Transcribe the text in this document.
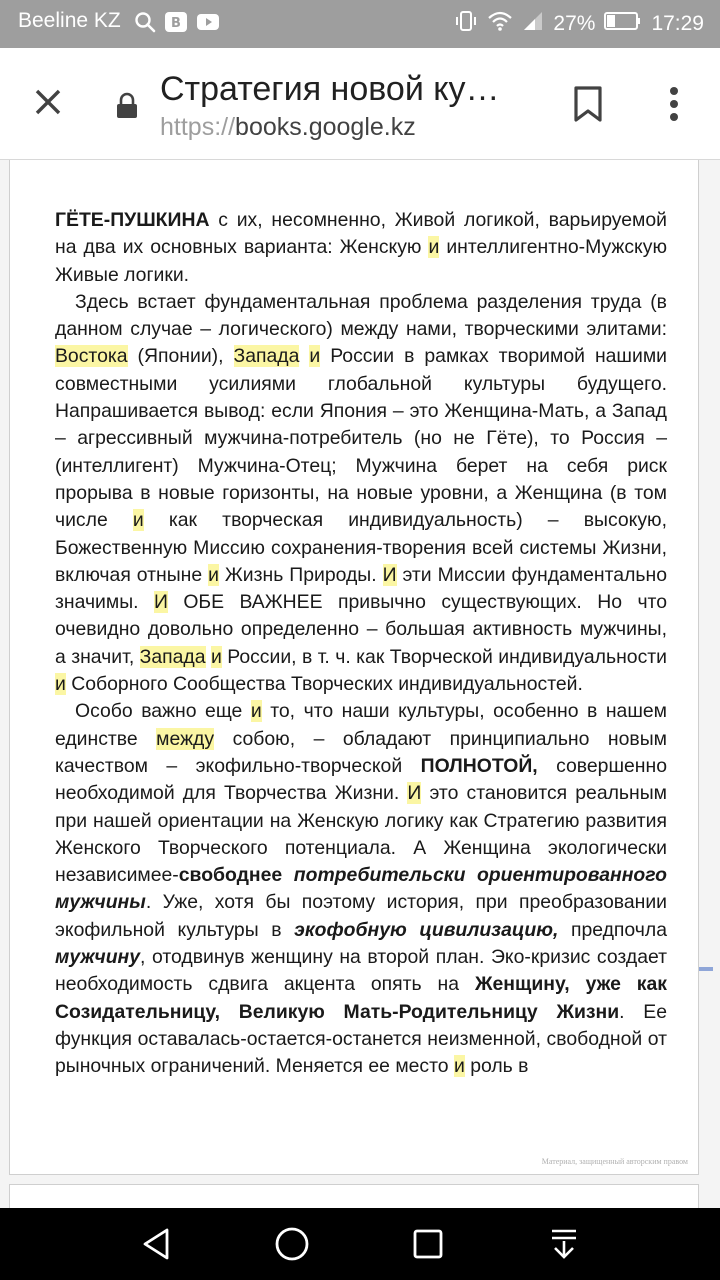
Beeline KZ	В	27%	17:29
Стратегия новой ку…
https://books.google.kz

ГЁТЕ-ПУШКИНА с их, несомненно, Живой логикой, варьируемой на два их основных варианта: Женскую и интеллигентно-Мужскую Живые логики.

Здесь встает фундаментальная проблема разделения труда (в данном случае – логического) между нами, творческими элитами: Востока (Японии), Запада и России в рамках творимой нашими совместными усилиями глобальной культуры будущего. Напрашивается вывод: если Япония – это Женщина-Мать, а Запад – агрессивный мужчина-потребитель (но не Гёте), то Россия – (интеллигент) Мужчина-Отец; Мужчина берет на себя риск прорыва в новые горизонты, на новые уровни, а Женщина (в том числе и как творческая индивидуальность) – высокую, Божественную Миссию сохранения-творения всей системы Жизни, включая отныне и Жизнь Природы. И эти Миссии фундаментально значимы. И ОБЕ ВАЖНЕЕ привычно существующих. Но что очевидно довольно определенно – большая активность мужчины, а значит, Запада и России, в т. ч. как Творческой индивидуальности и Соборного Сообщества Творческих индивидуальностей.

Особо важно еще и то, что наши культуры, особенно в нашем единстве между собою, – обладают принципиально новым качеством – экофильно-творческой ПОЛНОТОЙ, совершенно необходимой для Творчества Жизни. И это становится реальным при нашей ориентации на Женскую логику как Стратегию развития Женского Творческого потенциала. А Женщина экологически независимее-свободнее потребительски ориентированного мужчины. Уже, хотя бы поэтому история, при преобразовании экофильной культуры в экофобную цивилизацию, предпочла мужчину, отодвинув женщину на второй план. Эко-кризис создает необходимость сдвига акцента опять на Женщину, уже как Созидательницу, Великую Мать-Родительницу Жизни. Ее функция оставалась-остается-останется неизменной, свободной от рыночных ограничений. Меняется ее место и роль в

Материал, защищенный авторским правом
